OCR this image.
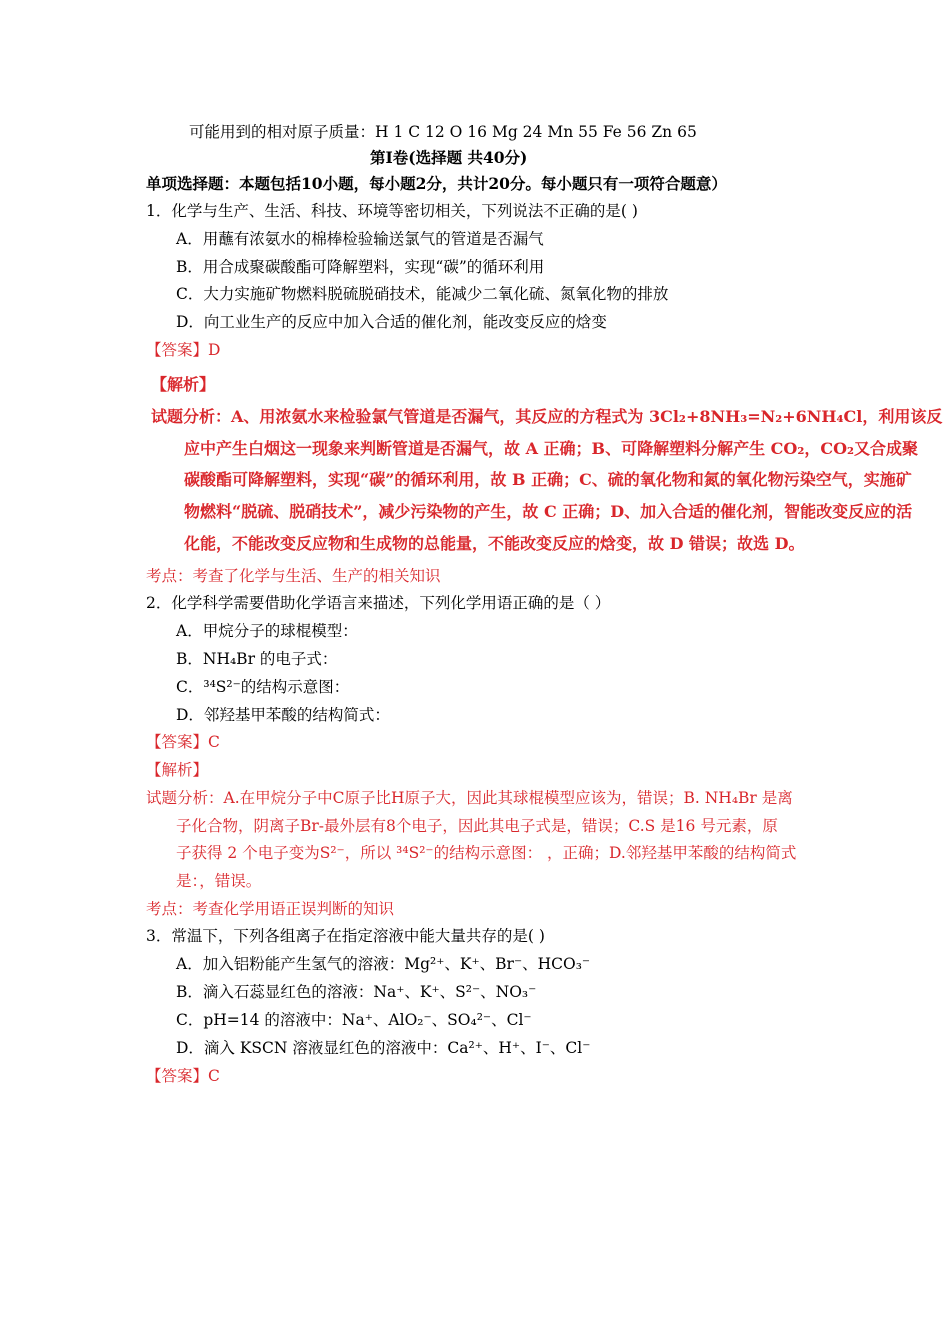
可能用到的相对原子质量：H 1 C 12 O 16 Mg 24 Mn 55 Fe 56 Zn 65
第Ⅰ卷(选择题 共40分)
单项选择题：本题包括10小题，每小题2分，共计20分。每小题只有一项符合题意）
1．化学与生产、生活、科技、环境等密切相关，下列说法不正确的是( )
A．用蘸有浓氨水的棉棒检验输送氯气的管道是否漏气
B．用合成聚碳酸酯可降解塑料，实现“碳”的循环利用
C．大力实施矿物燃料脱硫脱硝技术，能减少二氧化硫、氮氧化物的排放
D．向工业生产的反应中加入合适的催化剂，能改变反应的焓变
【答案】D
【解析】
试题分析：A、用浓氨水来检验氯气管道是否漏气，其反应的方程式为 3Cl₂+8NH₃=N₂+6NH₄Cl，利用该反
应中产生白烟这一现象来判断管道是否漏气，故 A 正确；B、可降解塑料分解产生 CO₂，CO₂又合成聚
碳酸酯可降解塑料，实现“碳”的循环利用，故 B 正确；C、硫的氧化物和氮的氧化物污染空气，实施矿
物燃料“脱硫、脱硝技术”，减少污染物的产生，故 C 正确；D、加入合适的催化剂，智能改变反应的活
化能，不能改变反应物和生成物的总能量，不能改变反应的焓变，故 D 错误；故选 D。
考点：考查了化学与生活、生产的相关知识
2．化学科学需要借助化学语言来描述，下列化学用语正确的是（ ）
A．甲烷分子的球棍模型：
B．NH₄Br 的电子式：
C．³⁴S²⁻的结构示意图：
D．邻羟基甲苯酸的结构简式：
【答案】C
【解析】
试题分析：A.在甲烷分子中C原子比H原子大，因此其球棍模型应该为，错误；B. NH₄Br 是离
子化合物，阴离子Br-最外层有8个电子，因此其电子式是，错误；C.S 是16 号元素，原
子获得 2 个电子变为S²⁻，所以 ³⁴S²⁻的结构示意图： ，正确；D.邻羟基甲苯酸的结构简式
是：，错误。
考点：考查化学用语正误判断的知识
3．常温下，下列各组离子在指定溶液中能大量共存的是( )
A．加入铝粉能产生氢气的溶液：Mg²⁺、K⁺、Br⁻、HCO₃⁻
B．滴入石蕊显红色的溶液：Na⁺、K⁺、S²⁻、NO₃⁻
C．pH=14 的溶液中：Na⁺、AlO₂⁻、SO₄²⁻、Cl⁻
D．滴入 KSCN 溶液显红色的溶液中：Ca²⁺、H⁺、I⁻、Cl⁻
【答案】C
